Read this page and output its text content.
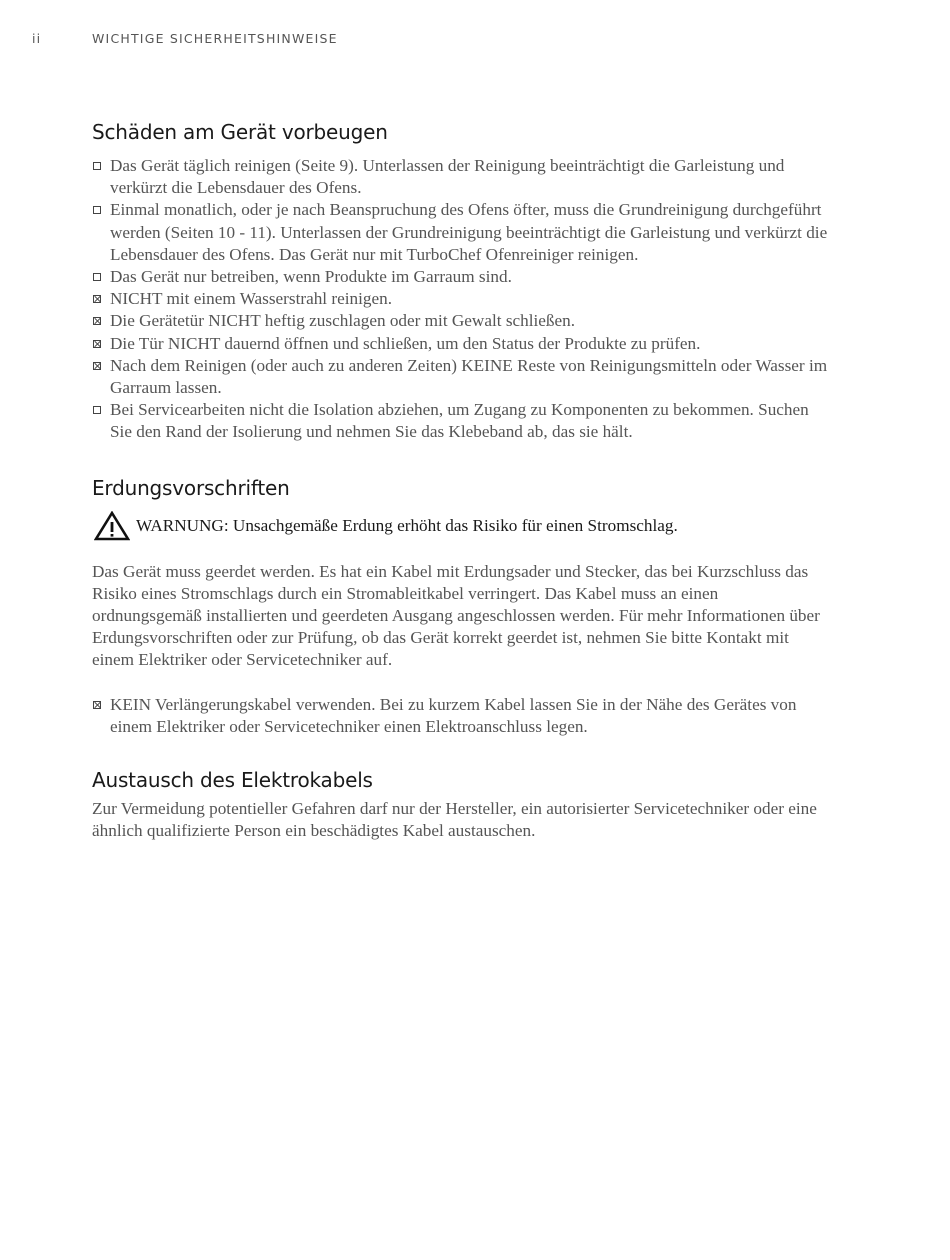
ii	WICHTIGE SICHERHEITSHINWEISE
Schäden am Gerät vorbeugen
Das Gerät täglich reinigen (Seite 9). Unterlassen der Reinigung beeinträchtigt die Garleistung und verkürzt die Lebensdauer des Ofens.
Einmal monatlich, oder je nach Beanspruchung des Ofens öfter, muss die Grundreinigung durchgeführt werden (Seiten 10 - 11). Unterlassen der Grundreinigung beeinträchtigt die Garleistung und verkürzt die Lebensdauer des Ofens. Das Gerät nur mit TurboChef Ofenreiniger reinigen.
Das Gerät nur betreiben, wenn Produkte im Garraum sind.
NICHT mit einem Wasserstrahl reinigen.
Die Gerätetür NICHT heftig zuschlagen oder mit Gewalt schließen.
Die Tür NICHT dauernd öffnen und schließen, um den Status der Produkte zu prüfen.
Nach dem Reinigen (oder auch zu anderen Zeiten) KEINE Reste von Reinigungsmitteln oder Wasser im Garraum lassen.
Bei Servicearbeiten nicht die Isolation abziehen, um Zugang zu Komponenten zu bekommen. Suchen Sie den Rand der Isolierung und nehmen Sie das Klebeband ab, das sie hält.
Erdungsvorschriften
WARNUNG: Unsachgemäße Erdung erhöht das Risiko für einen Stromschlag.

Das Gerät muss geerdet werden. Es hat ein Kabel mit Erdungsader und Stecker, das bei Kurzschluss das Risiko eines Stromschlags durch ein Stromableitkabel verringert. Das Kabel muss an einen ordnungsgemäß installierten und geerdeten Ausgang angeschlossen werden. Für mehr Informationen über Erdungsvorschriften oder zur Prüfung, ob das Gerät korrekt geerdet ist, nehmen Sie bitte Kontakt mit einem Elektriker oder Servicetechniker auf.

KEIN Verlängerungskabel verwenden. Bei zu kurzem Kabel lassen Sie in der Nähe des Gerätes von einem Elektriker oder Servicetechniker einen Elektroanschluss legen.
Austausch des Elektrokabels

Zur Vermeidung potentieller Gefahren darf nur der Hersteller, ein autorisierter Servicetechniker oder eine ähnlich qualifizierte Person ein beschädigtes Kabel austauschen.
